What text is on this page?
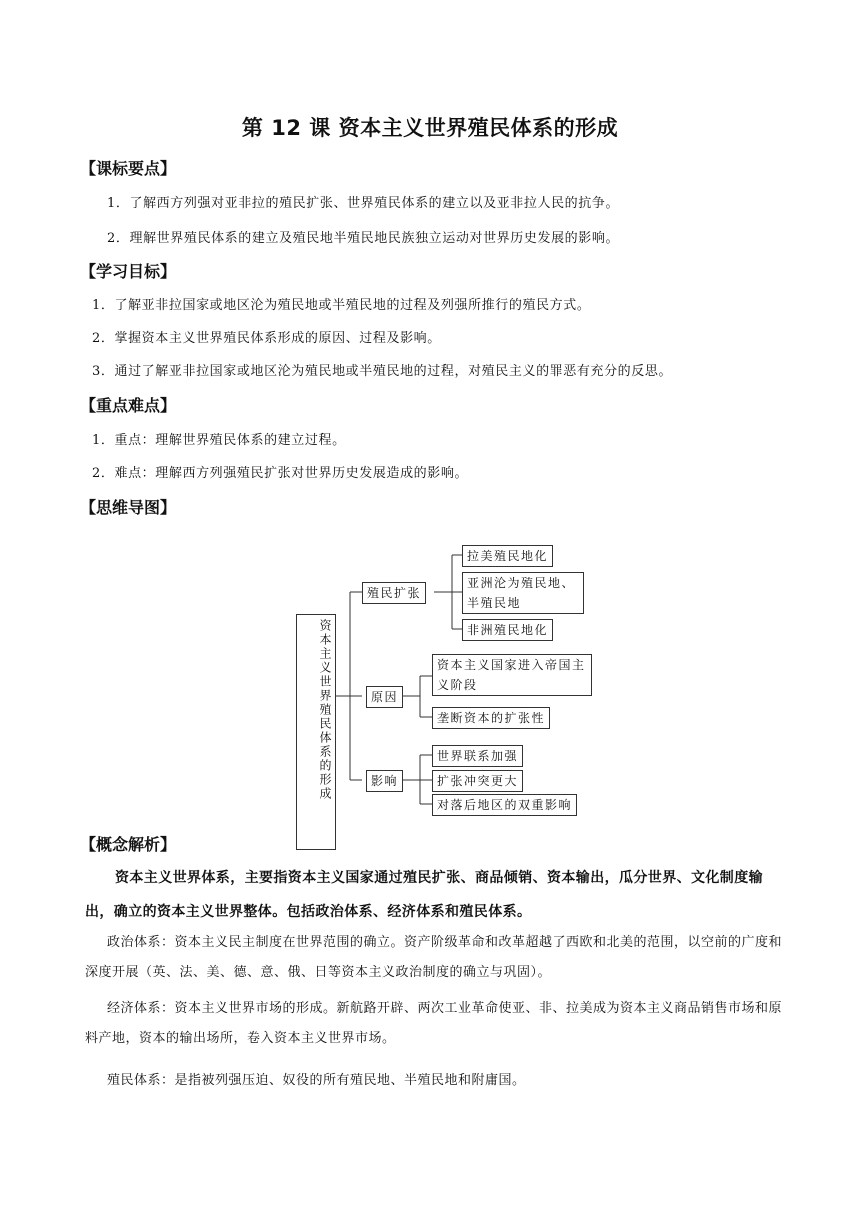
第 12 课 资本主义世界殖民体系的形成
【课标要点】
1．了解西方列强对亚非拉的殖民扩张、世界殖民体系的建立以及亚非拉人民的抗争。
2．理解世界殖民体系的建立及殖民地半殖民地民族独立运动对世界历史发展的影响。
【学习目标】
1．了解亚非拉国家或地区沦为殖民地或半殖民地的过程及列强所推行的殖民方式。
2．掌握资本主义世界殖民体系形成的原因、过程及影响。
3．通过了解亚非拉国家或地区沦为殖民地或半殖民地的过程，对殖民主义的罪恶有充分的反思。
【重点难点】
1．重点：理解世界殖民体系的建立过程。
2．难点：理解西方列强殖民扩张对世界历史发展造成的影响。
【思维导图】
资本主义世界殖民体系的形成
殖民扩张
拉美殖民地化
亚洲沦为殖民地、半殖民地
非洲殖民地化
原因
资本主义国家进入帝国主义阶段
垄断资本的扩张性
影响
世界联系加强
扩张冲突更大
对落后地区的双重影响
【概念解析】
资本主义世界体系，主要指资本主义国家通过殖民扩张、商品倾销、资本输出，瓜分世界、文化制度输出，确立的资本主义世界整体。包括政治体系、经济体系和殖民体系。
政治体系：资本主义民主制度在世界范围的确立。资产阶级革命和改革超越了西欧和北美的范围，以空前的广度和深度开展（英、法、美、德、意、俄、日等资本主义政治制度的确立与巩固）。
经济体系：资本主义世界市场的形成。新航路开辟、两次工业革命使亚、非、拉美成为资本主义商品销售市场和原料产地，资本的输出场所，卷入资本主义世界市场。
殖民体系：是指被列强压迫、奴役的所有殖民地、半殖民地和附庸国。
